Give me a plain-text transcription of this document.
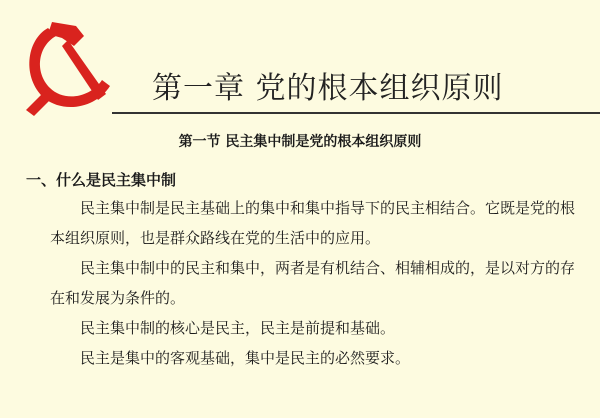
第一章 党的根本组织原则
第一节 民主集中制是党的根本组织原则
一、什么是民主集中制
民主集中制是民主基础上的集中和集中指导下的民主相结合。它既是党的根本组织原则，也是群众路线在党的生活中的应用。
民主集中制中的民主和集中，两者是有机结合、相辅相成的，是以对方的存在和发展为条件的。
民主集中制的核心是民主，民主是前提和基础。
民主是集中的客观基础，集中是民主的必然要求。
